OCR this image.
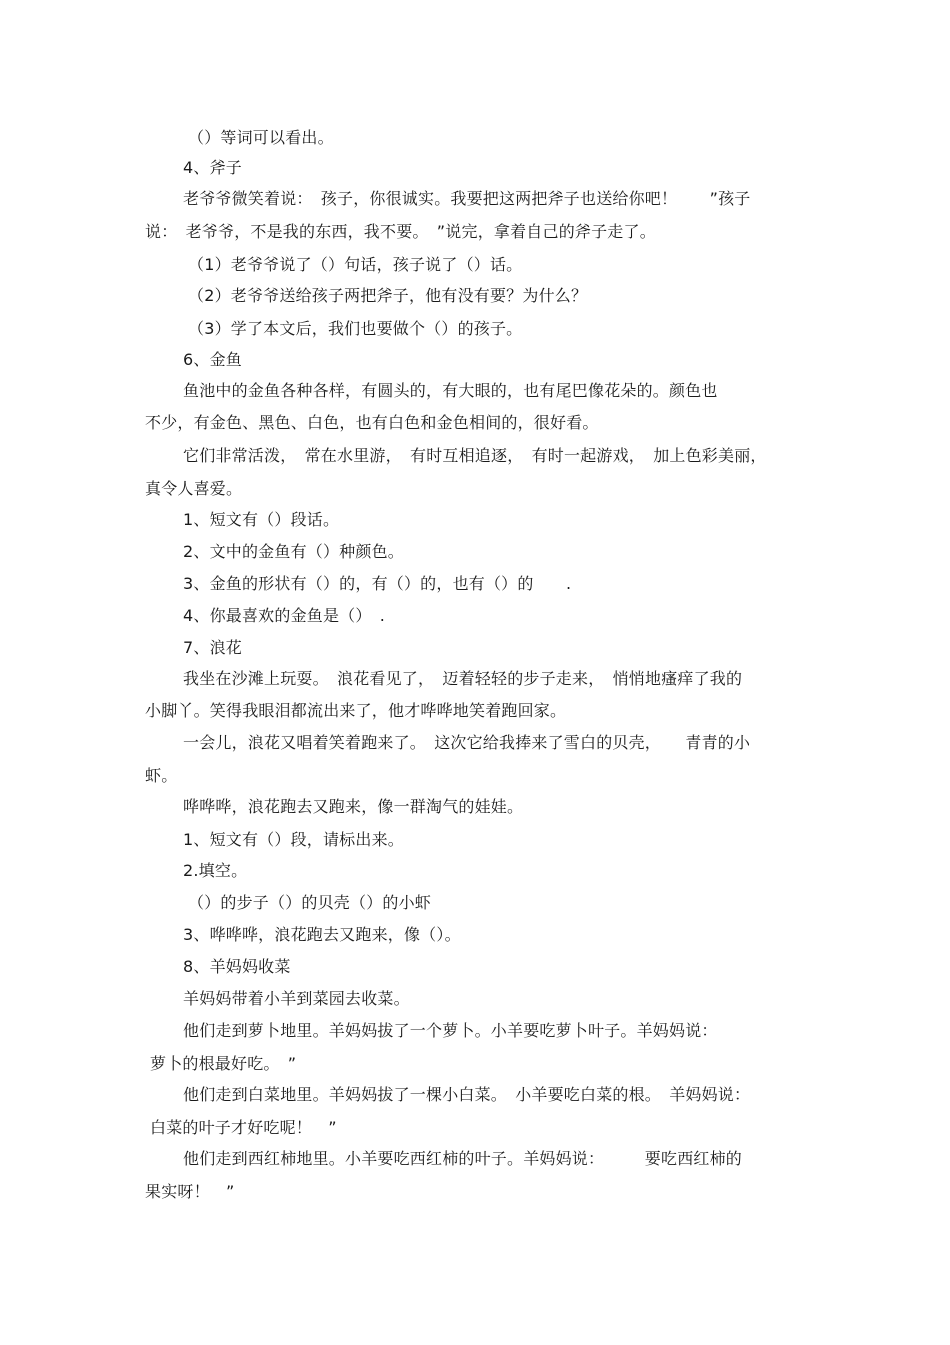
（）等词可以看出。
4、斧子
老爷爷微笑着说：　孩子，你很诚实。我要把这两把斧子也送给你吧！　　”孩子
说：　老爷爷，不是我的东西，我不要。　”说完，拿着自己的斧子走了。
（1）老爷爷说了（）句话，孩子说了（）话。
（2）老爷爷送给孩子两把斧子，他有没有要？为什么？
（3）学了本文后，我们也要做个（）的孩子。
6、金鱼
鱼池中的金鱼各种各样，有圆头的，有大眼的，也有尾巴像花朵的。颜色也
不少，有金色、黑色、白色，也有白色和金色相间的，很好看。
它们非常活泼，　常在水里游，　有时互相追逐，　有时一起游戏，　加上色彩美丽，
真令人喜爱。
1、短文有（）段话。
2、文中的金鱼有（）种颜色。
3、金鱼的形状有（）的，有（）的，也有（）的　　.
4、你最喜欢的金鱼是（）　.
7、浪花
我坐在沙滩上玩耍。　浪花看见了，　迈着轻轻的步子走来，　悄悄地瘙痒了我的
小脚丫。笑得我眼泪都流出来了，他才哗哗地笑着跑回家。
一会儿，浪花又唱着笑着跑来了。　这次它给我捧来了雪白的贝壳，　　青青的小
虾。
哗哗哗，浪花跑去又跑来，像一群淘气的娃娃。
1、短文有（）段，请标出来。
2.填空。
（）的步子（）的贝壳（）的小虾
3、哗哗哗，浪花跑去又跑来，像（）。
8、羊妈妈收菜
羊妈妈带着小羊到菜园去收菜。
他们走到萝卜地里。羊妈妈拔了一个萝卜。小羊要吃萝卜叶子。羊妈妈说：
萝卜的根最好吃。　”
他们走到白菜地里。羊妈妈拔了一棵小白菜。　小羊要吃白菜的根。　羊妈妈说：
白菜的叶子才好吃呢！　”
他们走到西红柿地里。小羊要吃西红柿的叶子。羊妈妈说：　　　要吃西红柿的
果实呀！　”
